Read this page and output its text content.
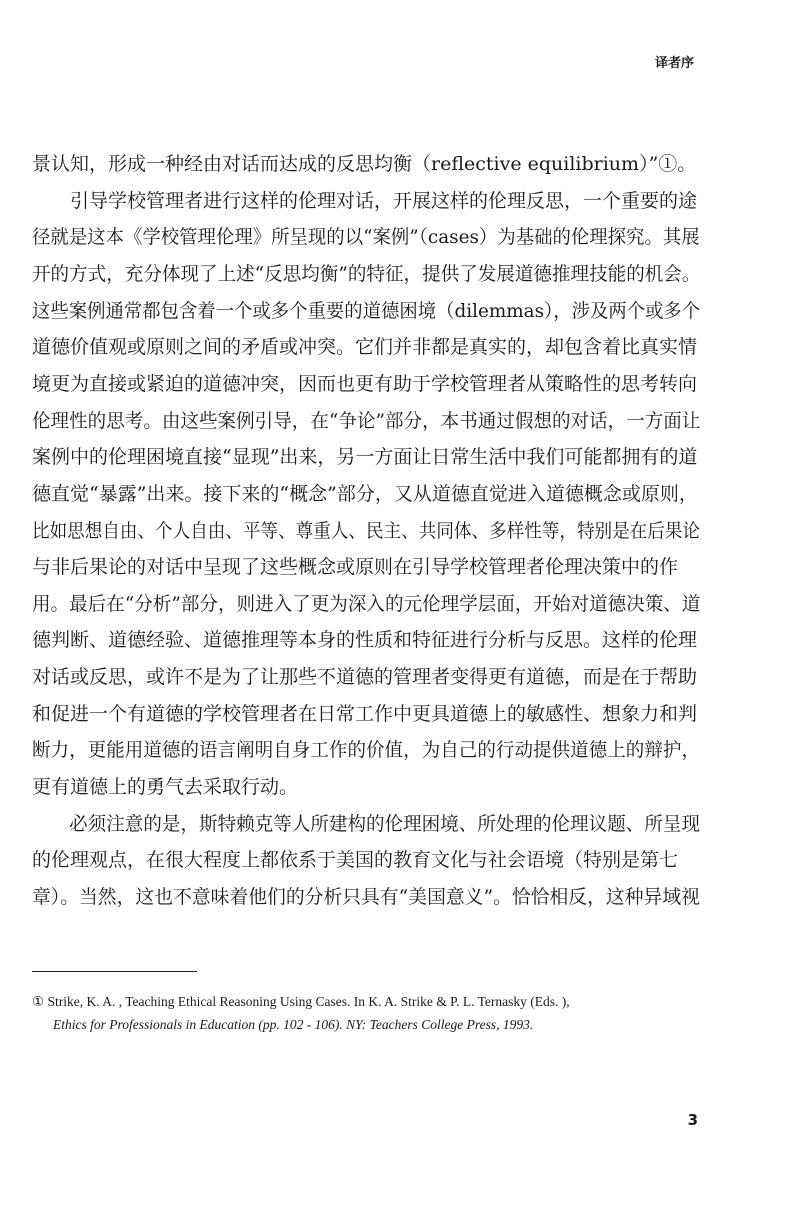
译者序
景认知，形成一种经由对话而达成的反思均衡（reflective equilibrium）”①。
　　引导学校管理者进行这样的伦理对话，开展这样的伦理反思，一个重要的途
径就是这本《学校管理伦理》所呈现的以“案例”（cases）为基础的伦理探究。其展
开的方式，充分体现了上述“反思均衡”的特征，提供了发展道德推理技能的机会。
这些案例通常都包含着一个或多个重要的道德困境（dilemmas），涉及两个或多个
道德价值观或原则之间的矛盾或冲突。它们并非都是真实的，却包含着比真实情
境更为直接或紧迫的道德冲突，因而也更有助于学校管理者从策略性的思考转向
伦理性的思考。由这些案例引导，在“争论”部分，本书通过假想的对话，一方面让
案例中的伦理困境直接“显现”出来，另一方面让日常生活中我们可能都拥有的道
德直觉“暴露”出来。接下来的“概念”部分，又从道德直觉进入道德概念或原则，
比如思想自由、个人自由、平等、尊重人、民主、共同体、多样性等，特别是在后果论
与非后果论的对话中呈现了这些概念或原则在引导学校管理者伦理决策中的作
用。最后在“分析”部分，则进入了更为深入的元伦理学层面，开始对道德决策、道
德判断、道德经验、道德推理等本身的性质和特征进行分析与反思。这样的伦理
对话或反思，或许不是为了让那些不道德的管理者变得更有道德，而是在于帮助
和促进一个有道德的学校管理者在日常工作中更具道德上的敏感性、想象力和判
断力，更能用道德的语言阐明自身工作的价值，为自己的行动提供道德上的辩护，
更有道德上的勇气去采取行动。
　　必须注意的是，斯特赖克等人所建构的伦理困境、所处理的伦理议题、所呈现
的伦理观点，在很大程度上都依系于美国的教育文化与社会语境（特别是第七
章）。当然，这也不意味着他们的分析只具有“美国意义”。恰恰相反，这种异域视
① Strike, K. A. , Teaching Ethical Reasoning Using Cases. In K. A. Strike & P. L. Ternasky (Eds. ),
Ethics for Professionals in Education (pp. 102 - 106). NY: Teachers College Press, 1993.
3
